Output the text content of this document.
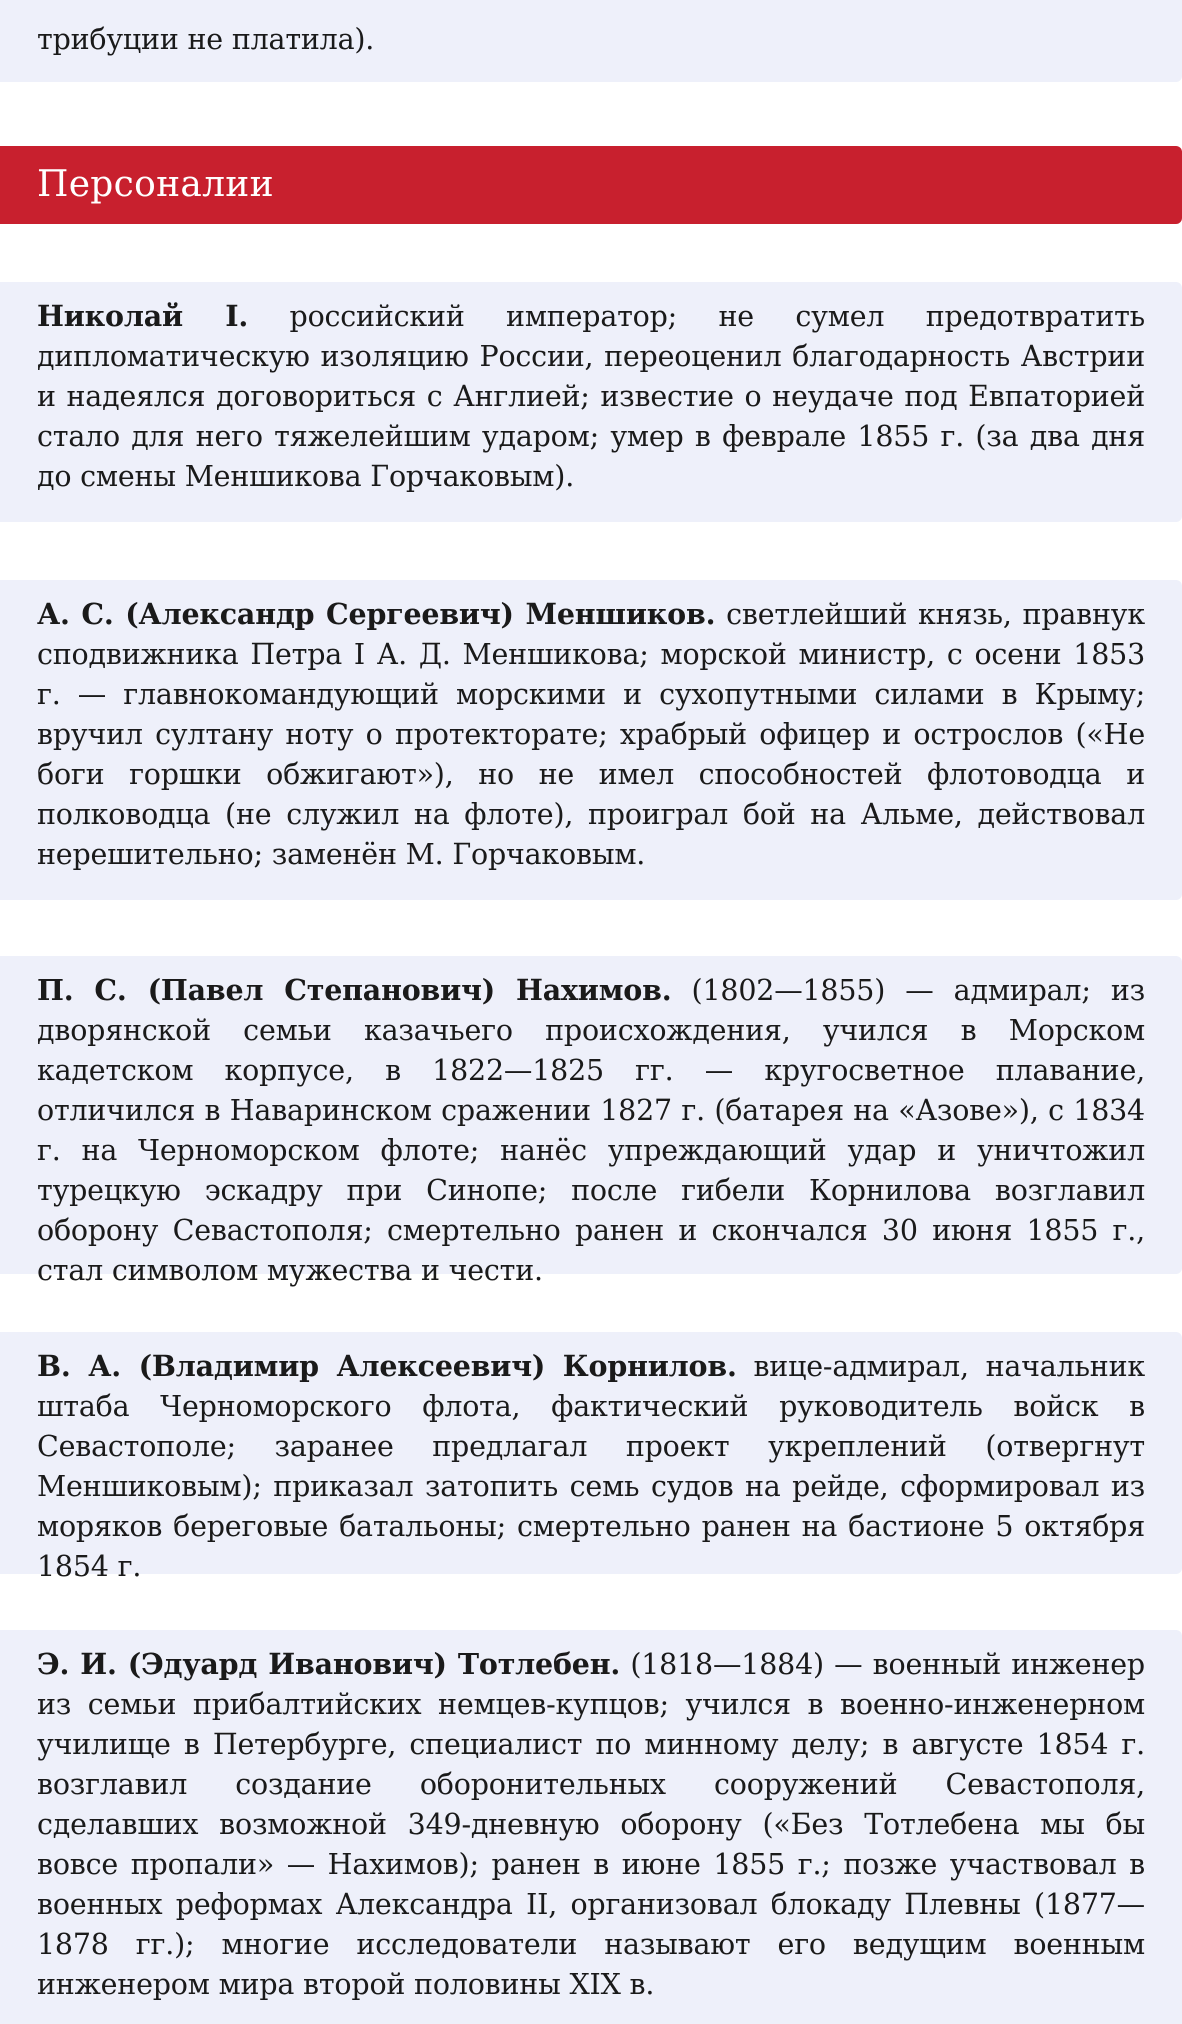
трибуции не платила).

Персоналии

Николай I. российский император; не сумел предотвратить дипломатическую изоляцию России, переоценил благодарность Австрии и надеялся договориться с Англией; известие о неудаче под Евпаторией стало для него тяжелейшим ударом; умер в феврале 1855 г. (за два дня до смены Меншикова Горчаковым).

А. С. (Александр Сергеевич) Меншиков. светлейший князь, правнук сподвижника Петра I А. Д. Меншикова; морской министр, с осени 1853 г. — главнокомандующий морскими и сухопутными силами в Крыму; вручил султану ноту о протекторате; храбрый офицер и острослов («Не боги горшки обжигают»), но не имел способностей флотоводца и полководца (не служил на флоте), проиграл бой на Альме, действовал нерешительно; заменён М. Горчаковым.

П. С. (Павел Степанович) Нахимов. (1802—1855) — адмирал; из дворянской семьи казачьего происхождения, учился в Морском кадетском корпусе, в 1822—1825 гг. — кругосветное плавание, отличился в Наваринском сражении 1827 г. (батарея на «Азове»), с 1834 г. на Черноморском флоте; нанёс упреждающий удар и уничтожил турецкую эскадру при Синопе; после гибели Корнилова возглавил оборону Севастополя; смертельно ранен и скончался 30 июня 1855 г., стал символом мужества и чести.

В. А. (Владимир Алексеевич) Корнилов. вице-адмирал, начальник штаба Черноморского флота, фактический руководитель войск в Севастополе; заранее предлагал проект укреплений (отвергнут Меншиковым); приказал затопить семь судов на рейде, сформировал из моряков береговые батальоны; смертельно ранен на бастионе 5 октября 1854 г.

Э. И. (Эдуард Иванович) Тотлебен. (1818—1884) — военный инженер из семьи прибалтийских немцев-купцов; учился в военно-инженерном училище в Петербурге, специалист по минному делу; в августе 1854 г. возглавил создание оборонительных сооружений Севастополя, сделавших возможной 349-дневную оборону («Без Тотлебена мы бы вовсе пропали» — Нахимов); ранен в июне 1855 г.; позже участвовал в военных реформах Александра II, организовал блокаду Плевны (1877—1878 гг.); многие исследователи называют его ведущим военным инженером мира второй половины XIX в.
